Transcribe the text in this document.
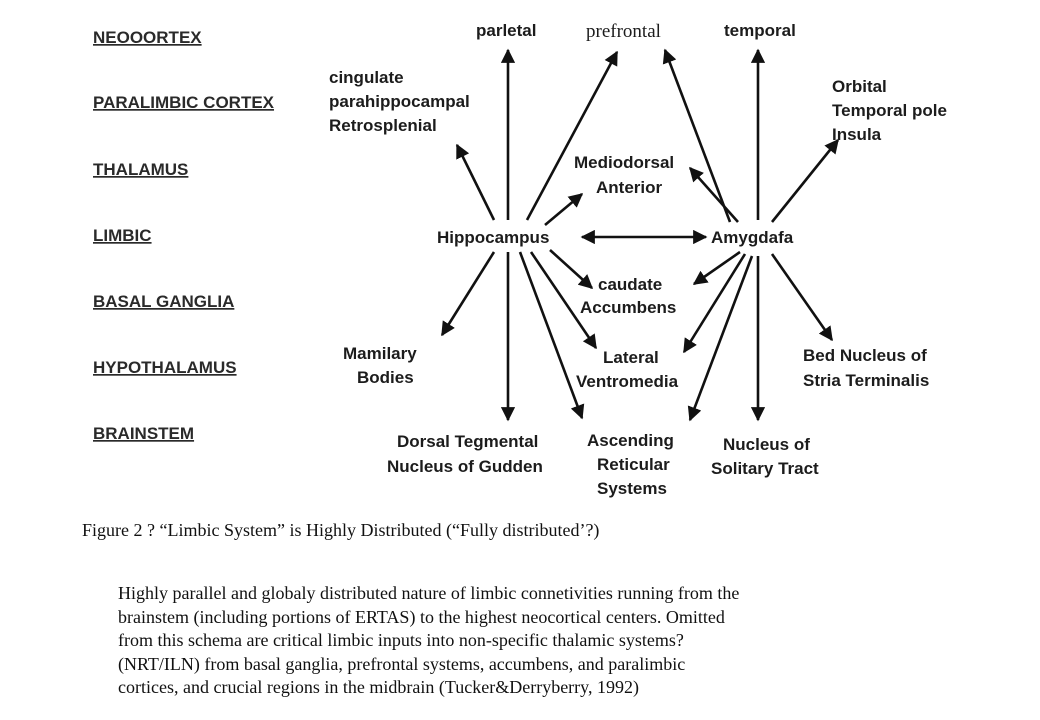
NEOOORTEX
PARALIMBIC CORTEX
THALAMUS
LIMBIC
BASAL GANGLIA
HYPOTHALAMUS
BRAINSTEM
parletal	prefrontal	temporal
cingulate
parahippocampal
Retrosplenial
Orbital
Temporal pole
Insula
Mediodorsal
Anterior
Hippocampus	Amygdafa
caudate
Accumbens
Mamilary
Bodies
Lateral
Ventromedia
Bed Nucleus of
Stria Terminalis
Dorsal Tegmental
Nucleus of Gudden
Ascending
Reticular
Systems
Nucleus of
Solitary Tract
Figure 2 ? “Limbic System” is Highly Distributed (“Fully distributed’?)
Highly parallel and globaly distributed nature of limbic connetivities running from the
brainstem (including portions of ERTAS) to the highest neocortical centers. Omitted
from this schema are critical limbic inputs into non-specific thalamic systems?
(NRT/ILN) from basal ganglia, prefrontal systems, accumbens, and paralimbic
cortices, and crucial regions in the midbrain (Tucker&Derryberry, 1992)
